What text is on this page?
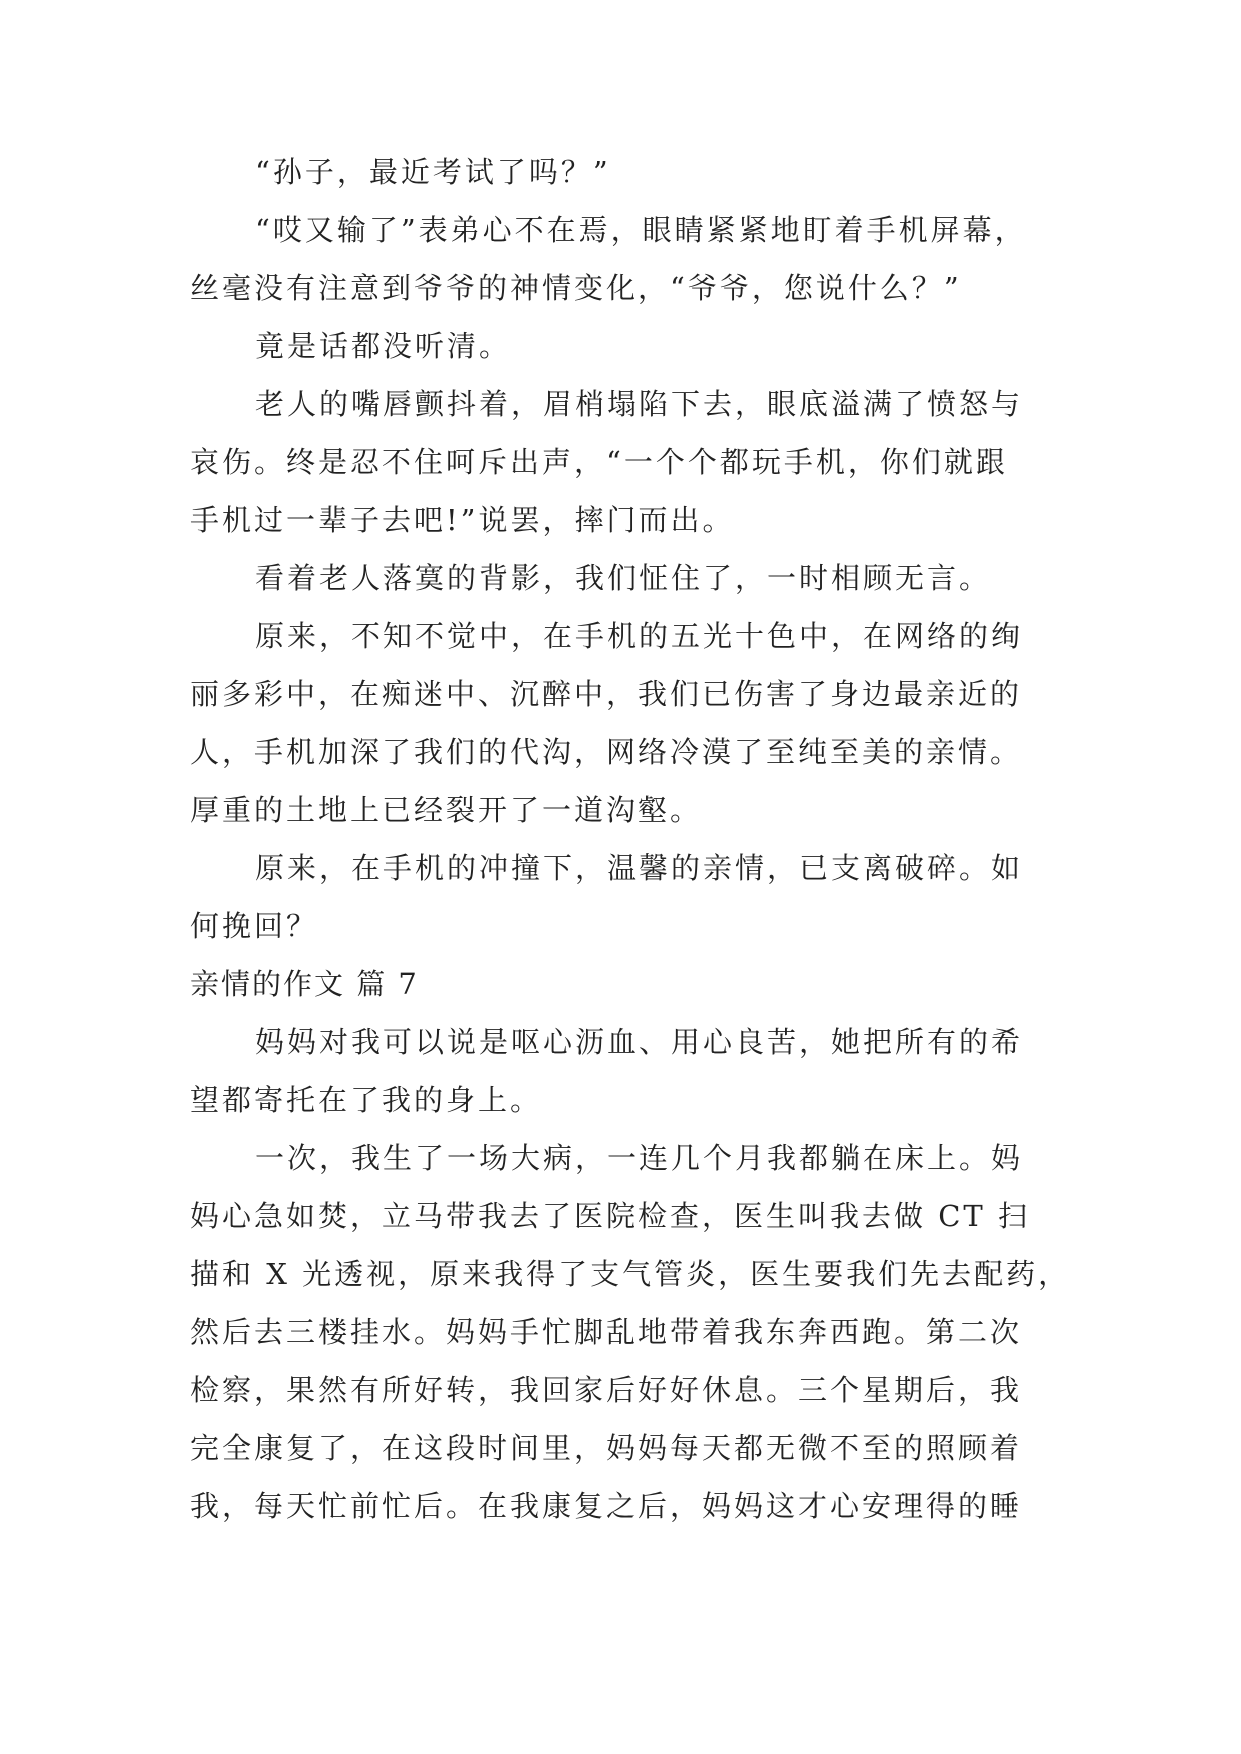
“孙子，最近考试了吗？”
“哎又输了”表弟心不在焉，眼睛紧紧地盯着手机屏幕，
丝毫没有注意到爷爷的神情变化，“爷爷，您说什么？”
竟是话都没听清。
老人的嘴唇颤抖着，眉梢塌陷下去，眼底溢满了愤怒与
哀伤。终是忍不住呵斥出声，“一个个都玩手机，你们就跟
手机过一辈子去吧!”说罢，摔门而出。
看着老人落寞的背影，我们怔住了，一时相顾无言。
原来，不知不觉中，在手机的五光十色中，在网络的绚
丽多彩中，在痴迷中、沉醉中，我们已伤害了身边最亲近的
人，手机加深了我们的代沟，网络冷漠了至纯至美的亲情。
厚重的土地上已经裂开了一道沟壑。
原来，在手机的冲撞下，温馨的亲情，已支离破碎。如
何挽回？
亲情的作文 篇 7
妈妈对我可以说是呕心沥血、用心良苦，她把所有的希
望都寄托在了我的身上。
一次，我生了一场大病，一连几个月我都躺在床上。妈
妈心急如焚，立马带我去了医院检查，医生叫我去做 CT 扫
描和 X 光透视，原来我得了支气管炎，医生要我们先去配药，
然后去三楼挂水。妈妈手忙脚乱地带着我东奔西跑。第二次
检察，果然有所好转，我回家后好好休息。三个星期后，我
完全康复了，在这段时间里，妈妈每天都无微不至的照顾着
我，每天忙前忙后。在我康复之后，妈妈这才心安理得的睡
